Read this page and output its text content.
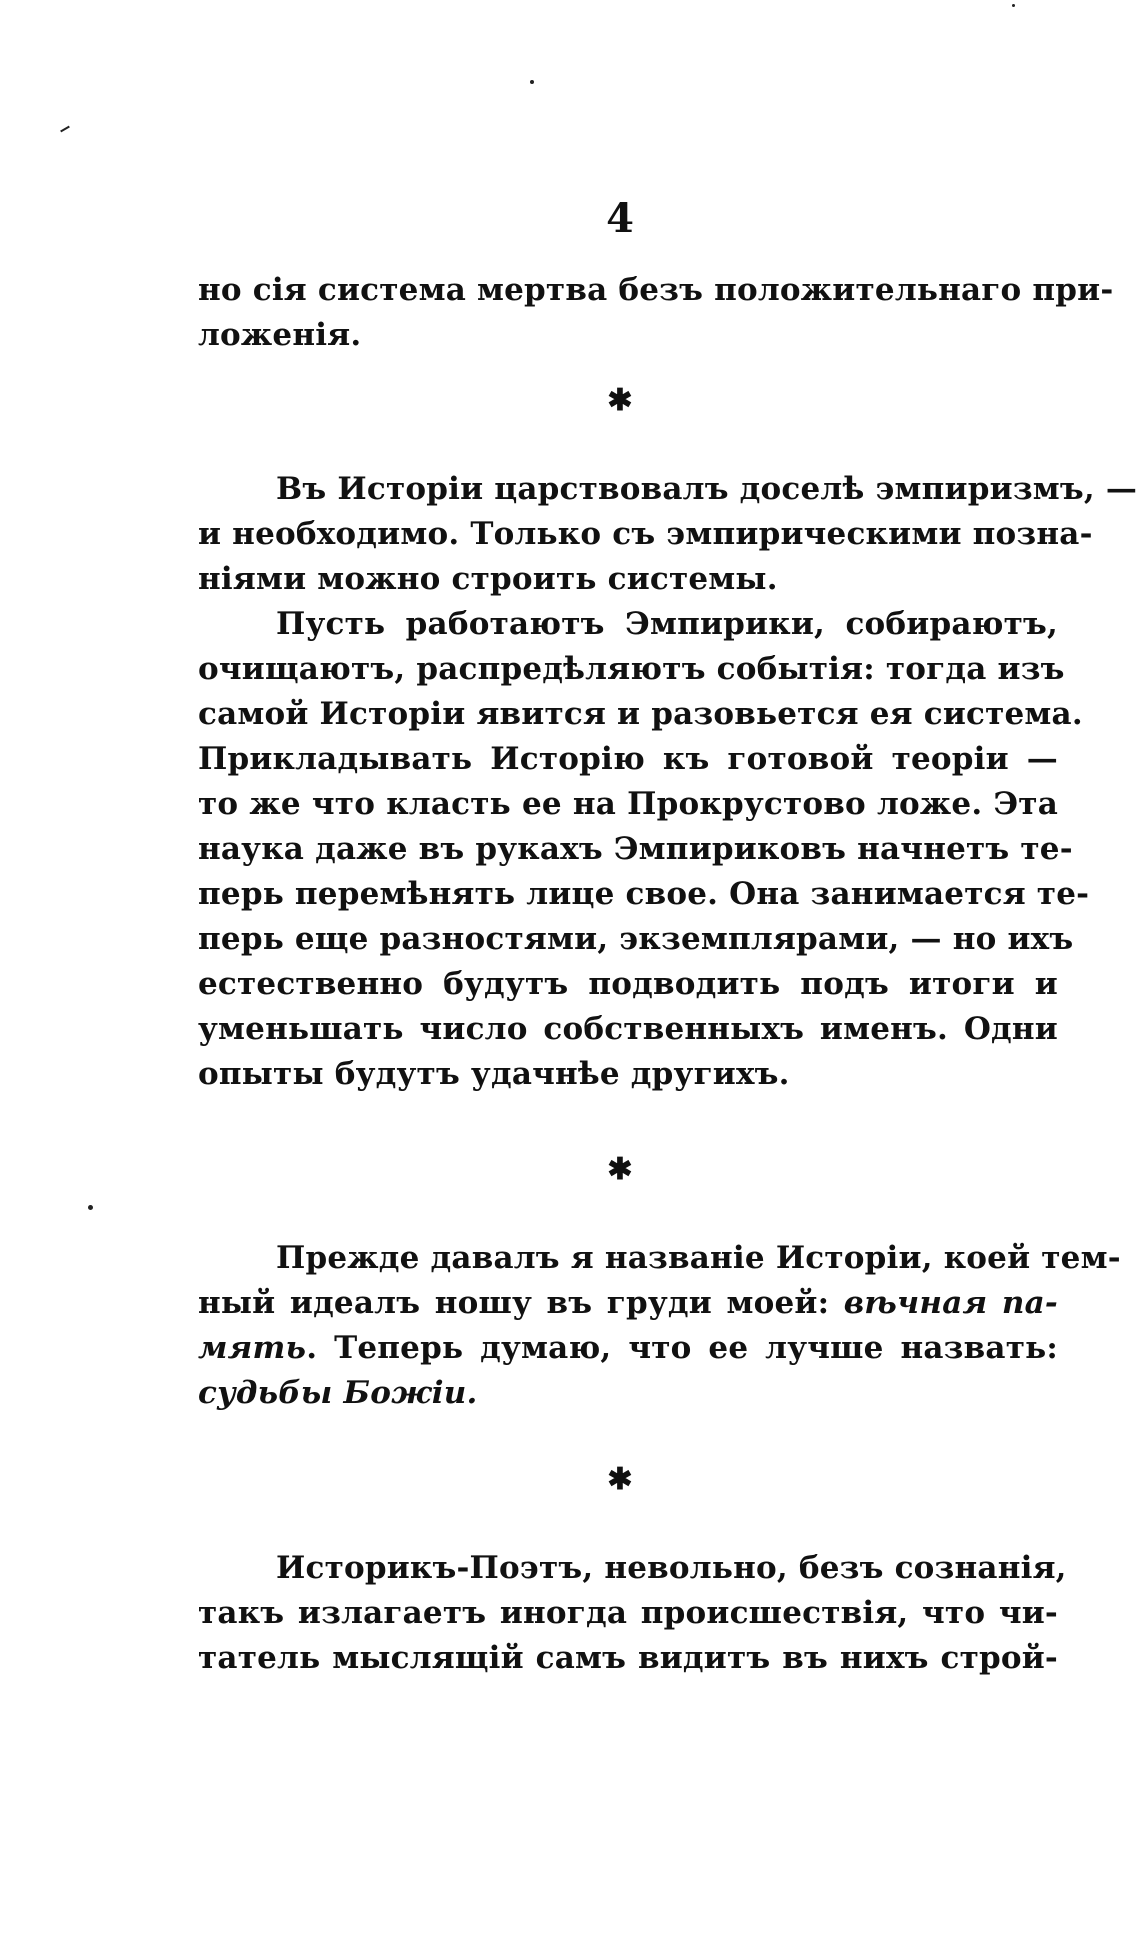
4
но сія система мертва безъ положительнаго при-
ложенія.
✱
Въ Исторіи царствовалъ доселѣ эмпиризмъ, —
и необходимо. Только съ эмпирическими позна-
ніями можно строить системы.
Пусть работаютъ Эмпирики, собираютъ,
очищаютъ, распредѣляютъ событія: тогда изъ
самой Исторіи явится и разовьется ея система.
Прикладывать Исторію къ готовой теоріи —
то же что класть ее на Прокрустово ложе. Эта
наука даже въ рукахъ Эмпириковъ начнетъ те-
перь перемѣнять лице свое. Она занимается те-
перь еще разностями, экземплярами, — но ихъ
естественно будутъ подводить подъ итоги и
уменьшать число собственныхъ именъ. Одни
опыты будутъ удачнѣе другихъ.
✱
Прежде давалъ я названіе Исторіи, коей тем-
ный идеалъ ношу въ груди моей: вѣчная па-
мять. Теперь думаю, что ее лучше назвать:
судьбы Божіи.
✱
Историкъ-Поэтъ, невольно, безъ сознанія,
такъ излагаетъ иногда происшествія, что чи-
татель мыслящій самъ видитъ въ нихъ строй-
